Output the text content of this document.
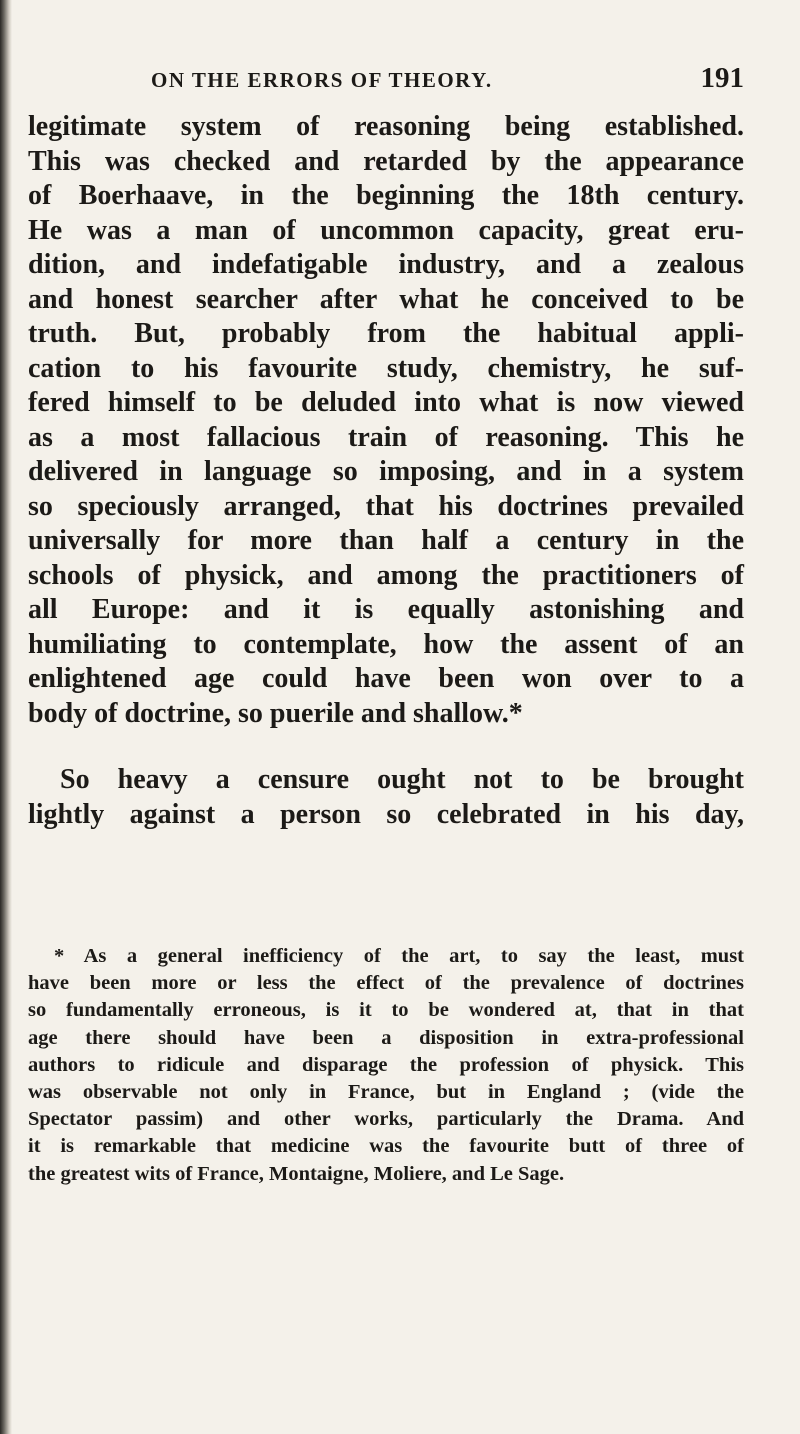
ON THE ERRORS OF THEORY.	191
legitimate system of reasoning being established.
This was checked and retarded by the appearance
of Boerhaave, in the beginning the 18th century.
He was a man of uncommon capacity, great eru-
dition, and indefatigable industry, and a zealous
and honest searcher after what he conceived to be
truth. But, probably from the habitual appli-
cation to his favourite study, chemistry, he suf-
fered himself to be deluded into what is now viewed
as a most fallacious train of reasoning. This he
delivered in language so imposing, and in a system
so speciously arranged, that his doctrines prevailed
universally for more than half a century in the
schools of physick, and among the practitioners of
all Europe: and it is equally astonishing and
humiliating to contemplate, how the assent of an
enlightened age could have been won over to a
body of doctrine, so puerile and shallow.*
So heavy a censure ought not to be brought
lightly against a person so celebrated in his day,
* As a general inefficiency of the art, to say the least, must
have been more or less the effect of the prevalence of doctrines
so fundamentally erroneous, is it to be wondered at, that in that
age there should have been a disposition in extra-professional
authors to ridicule and disparage the profession of physick. This
was observable not only in France, but in England ; (vide the
Spectator passim) and other works, particularly the Drama. And
it is remarkable that medicine was the favourite butt of three of
the greatest wits of France, Montaigne, Moliere, and Le Sage.
